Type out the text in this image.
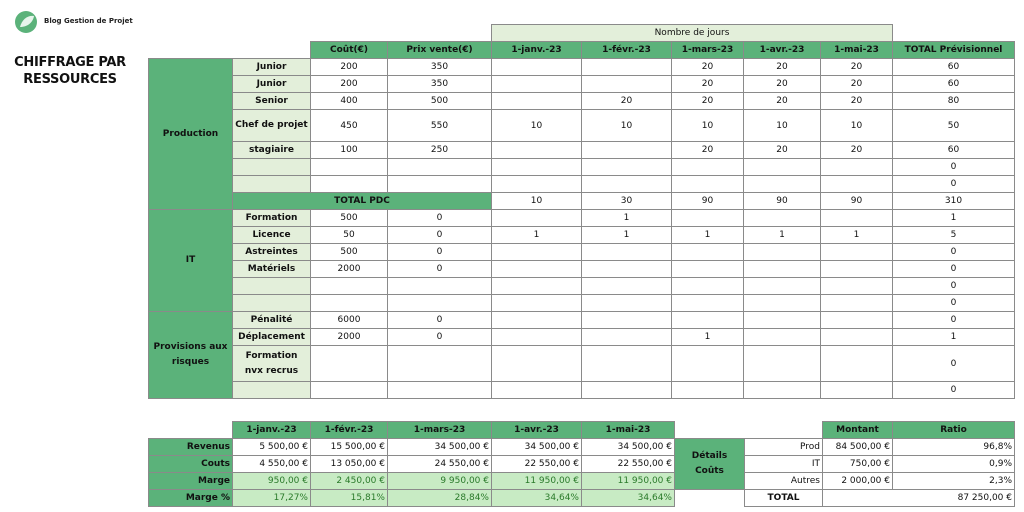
Blog Gestion de Projet
CHIFFRAGE PAR RESSOURCES
				Nombre de jours					
		Coût(€)	Prix vente(€)	1-janv.-23	1-févr.-23	1-mars-23	1-avr.-23	1-mai-23	TOTAL Prévisionnel
Production	Junior	200	350			20	20	20	60
	Junior	200	350			20	20	20	60
	Senior	400	500		20	20	20	20	80
	Chef de projet	450	550	10	10	10	10	10	50
	stagiaire	100	250			20	20	20	60
									0
									0
	TOTAL PDC			10	30	90	90	90	310
IT	Formation	500	0		1				1
	Licence	50	0	1	1	1	1	1	5
	Astreintes	500	0						0
	Matériels	2000	0						0
									0
									0
Provisions aux risques	Pénalité	6000	0						0
	Déplacement	2000	0			1			1
	Formation nvx recrus								0
									0
	1-janv.-23	1-févr.-23	1-mars-23	1-avr.-23	1-mai-23
Revenus	5 500,00 €	15 500,00 €	34 500,00 €	34 500,00 €	34 500,00 €
Couts	4 550,00 €	13 050,00 €	24 550,00 €	22 550,00 €	22 550,00 €
Marge	950,00 €	2 450,00 €	9 950,00 €	11 950,00 €	11 950,00 €
Marge %	17,27%	15,81%	28,84%	34,64%	34,64%
		Montant	Ratio
Détails Coûts	Prod	84 500,00 €	96,8%
	IT	750,00 €	0,9%
	Autres	2 000,00 €	2,3%
	TOTAL	87 250,00 €	
